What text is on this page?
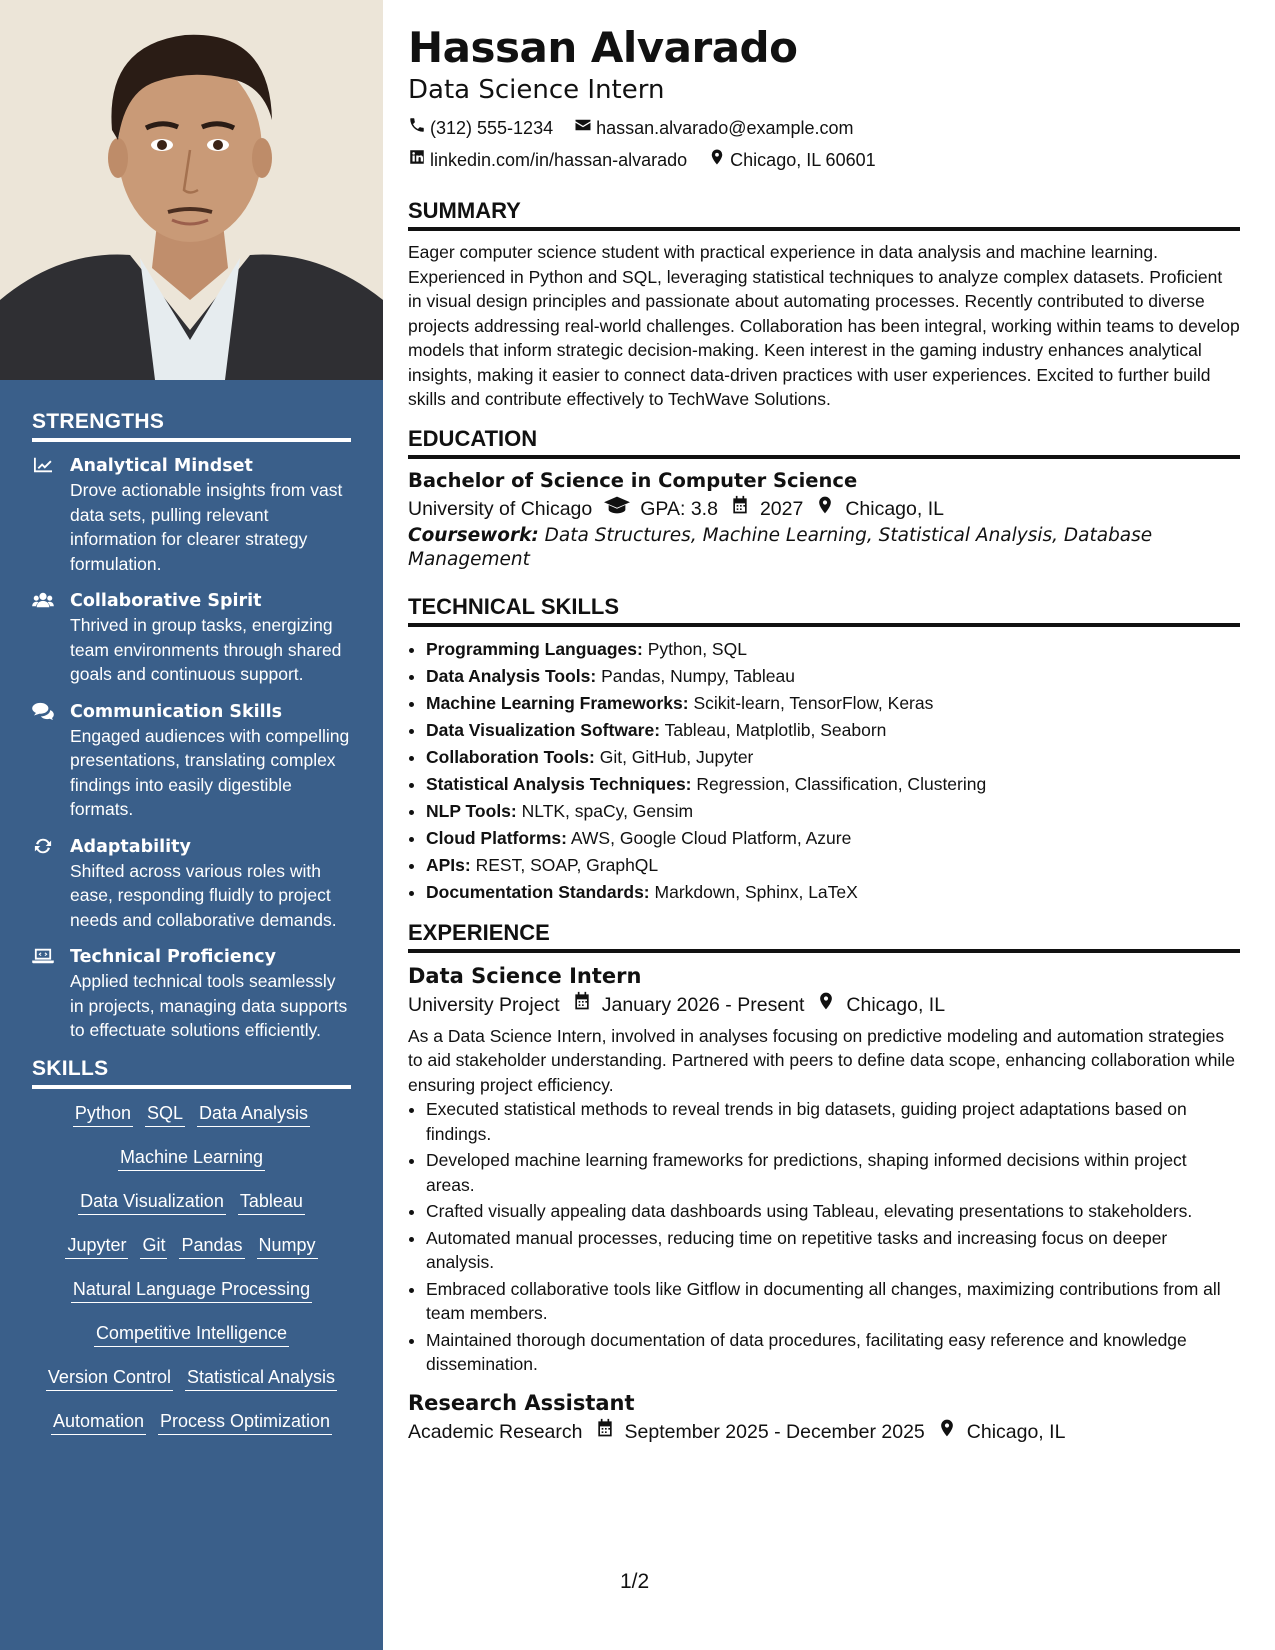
STRENGTHS
Analytical Mindset
Drove actionable insights from vast data sets, pulling relevant information for clearer strategy formulation.
Collaborative Spirit
Thrived in group tasks, energizing team environments through shared goals and continuous support.
Communication Skills
Engaged audiences with compelling presentations, translating complex findings into easily digestible formats.
Adaptability
Shifted across various roles with ease, responding fluidly to project needs and collaborative demands.
Technical Proficiency
Applied technical tools seamlessly in projects, managing data supports to effectuate solutions efficiently.
SKILLS
Python SQL Data Analysis
Machine Learning
Data Visualization Tableau
Jupyter Git Pandas Numpy
Natural Language Processing
Competitive Intelligence
Version Control Statistical Analysis
Automation Process Optimization
Hassan Alvarado
Data Science Intern
(312) 555-1234
hassan.alvarado@example.com
linkedin.com/in/hassan-alvarado
Chicago, IL 60601
SUMMARY
Eager computer science student with practical experience in data analysis and machine learning. Experienced in Python and SQL, leveraging statistical techniques to analyze complex datasets. Proficient in visual design principles and passionate about automating processes. Recently contributed to diverse projects addressing real-world challenges. Collaboration has been integral, working within teams to develop models that inform strategic decision-making. Keen interest in the gaming industry enhances analytical insights, making it easier to connect data-driven practices with user experiences. Excited to further build skills and contribute effectively to TechWave Solutions.
EDUCATION
Bachelor of Science in Computer Science
University of Chicago GPA: 3.8 2027 Chicago, IL
Coursework: Data Structures, Machine Learning, Statistical Analysis, Database Management
TECHNICAL SKILLS
• Programming Languages: Python, SQL
• Data Analysis Tools: Pandas, Numpy, Tableau
• Machine Learning Frameworks: Scikit-learn, TensorFlow, Keras
• Data Visualization Software: Tableau, Matplotlib, Seaborn
• Collaboration Tools: Git, GitHub, Jupyter
• Statistical Analysis Techniques: Regression, Classification, Clustering
• NLP Tools: NLTK, spaCy, Gensim
• Cloud Platforms: AWS, Google Cloud Platform, Azure
• APIs: REST, SOAP, GraphQL
• Documentation Standards: Markdown, Sphinx, LaTeX
EXPERIENCE
Data Science Intern
University Project January 2026 - Present Chicago, IL
As a Data Science Intern, involved in analyses focusing on predictive modeling and automation strategies to aid stakeholder understanding. Partnered with peers to define data scope, enhancing collaboration while ensuring project efficiency.
• Executed statistical methods to reveal trends in big datasets, guiding project adaptations based on findings.
• Developed machine learning frameworks for predictions, shaping informed decisions within project areas.
• Crafted visually appealing data dashboards using Tableau, elevating presentations to stakeholders.
• Automated manual processes, reducing time on repetitive tasks and increasing focus on deeper analysis.
• Embraced collaborative tools like Gitflow in documenting all changes, maximizing contributions from all team members.
• Maintained thorough documentation of data procedures, facilitating easy reference and knowledge dissemination.
Research Assistant
Academic Research September 2025 - December 2025 Chicago, IL
1/2
